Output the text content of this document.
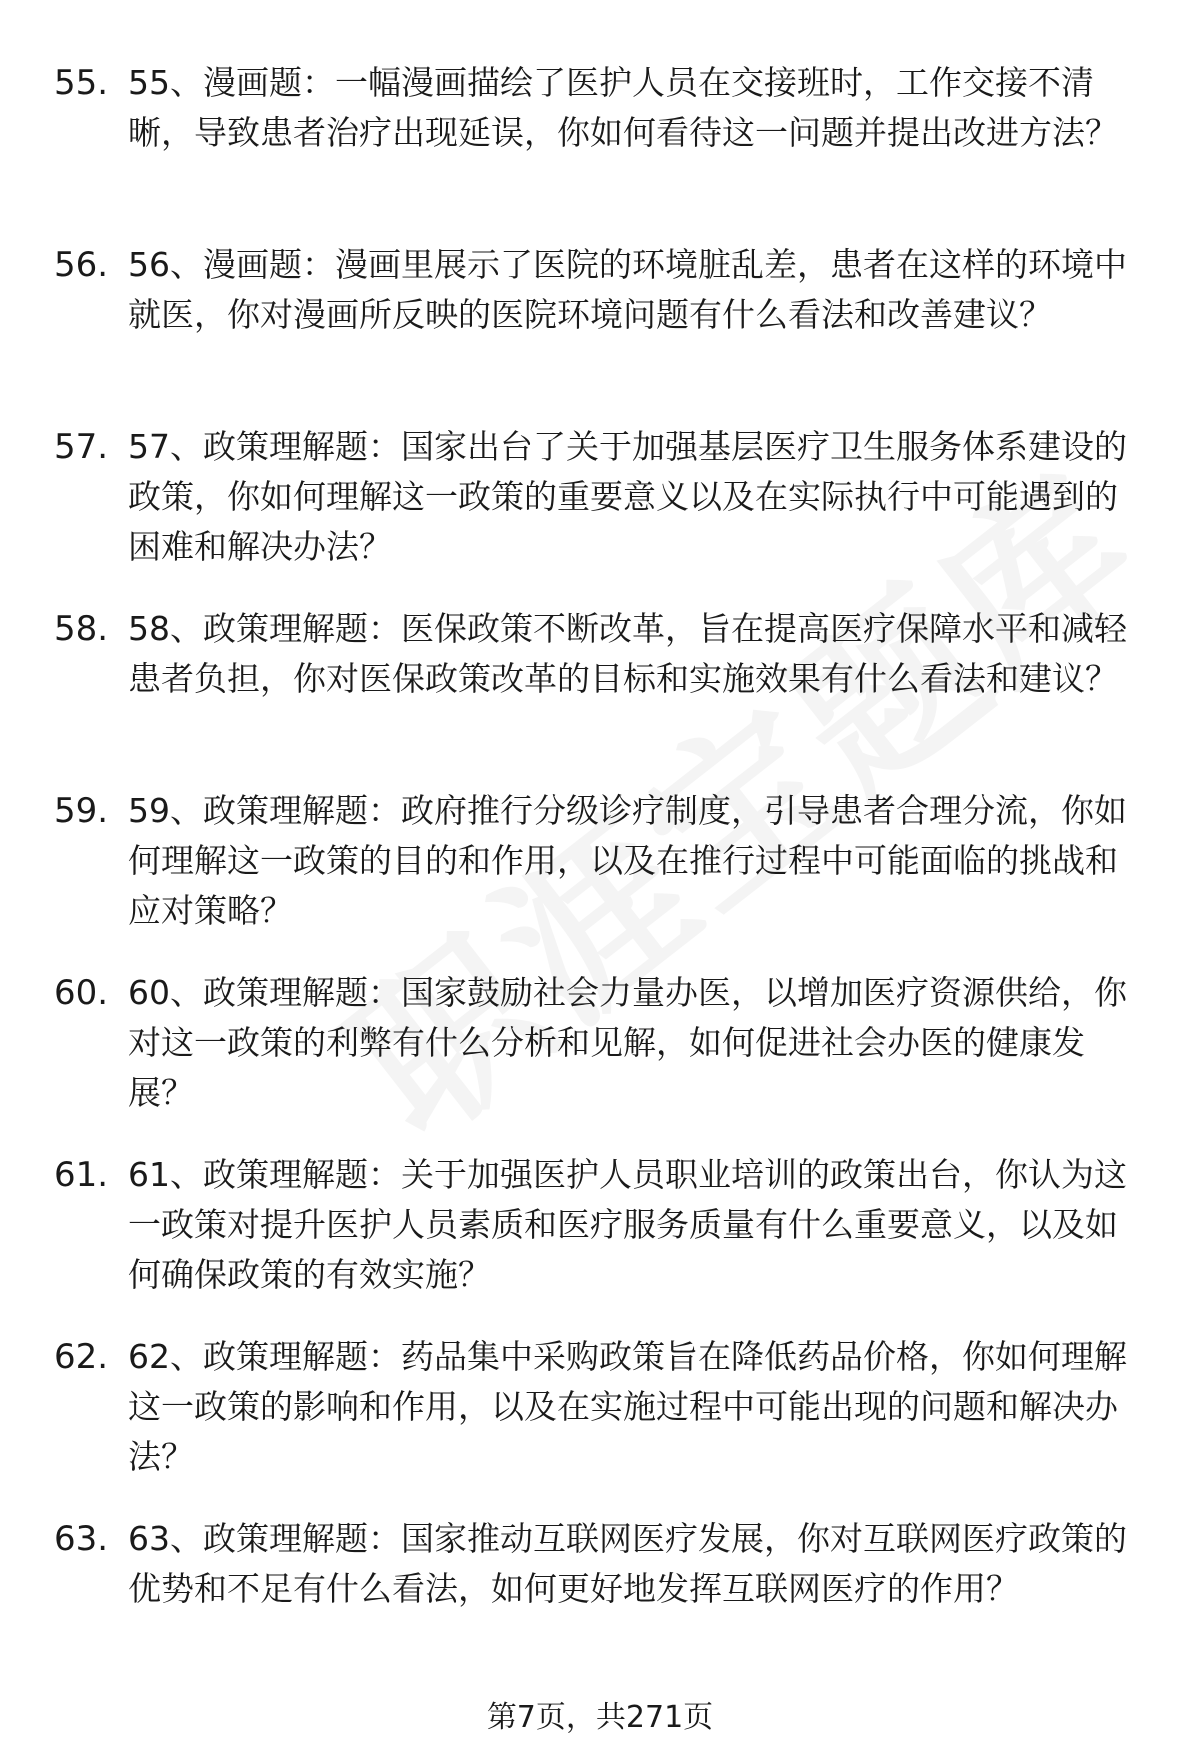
55. 55、漫画题：一幅漫画描绘了医护人员在交接班时，工作交接不清晰，导致患者治疗出现延误，你如何看待这一问题并提出改进方法？
56. 56、漫画题：漫画里展示了医院的环境脏乱差，患者在这样的环境中就医，你对漫画所反映的医院环境问题有什么看法和改善建议？
57. 57、政策理解题：国家出台了关于加强基层医疗卫生服务体系建设的政策，你如何理解这一政策的重要意义以及在实际执行中可能遇到的困难和解决办法？
58. 58、政策理解题：医保政策不断改革，旨在提高医疗保障水平和减轻患者负担，你对医保政策改革的目标和实施效果有什么看法和建议？
59. 59、政策理解题：政府推行分级诊疗制度，引导患者合理分流，你如何理解这一政策的目的和作用，以及在推行过程中可能面临的挑战和应对策略？
60. 60、政策理解题：国家鼓励社会力量办医，以增加医疗资源供给，你对这一政策的利弊有什么分析和见解，如何促进社会办医的健康发展？
61. 61、政策理解题：关于加强医护人员职业培训的政策出台，你认为这一政策对提升医护人员素质和医疗服务质量有什么重要意义，以及如何确保政策的有效实施？
62. 62、政策理解题：药品集中采购政策旨在降低药品价格，你如何理解这一政策的影响和作用，以及在实施过程中可能出现的问题和解决办法？
63. 63、政策理解题：国家推动互联网医疗发展，你对互联网医疗政策的优势和不足有什么看法，如何更好地发挥互联网医疗的作用？
第7页，共271页
